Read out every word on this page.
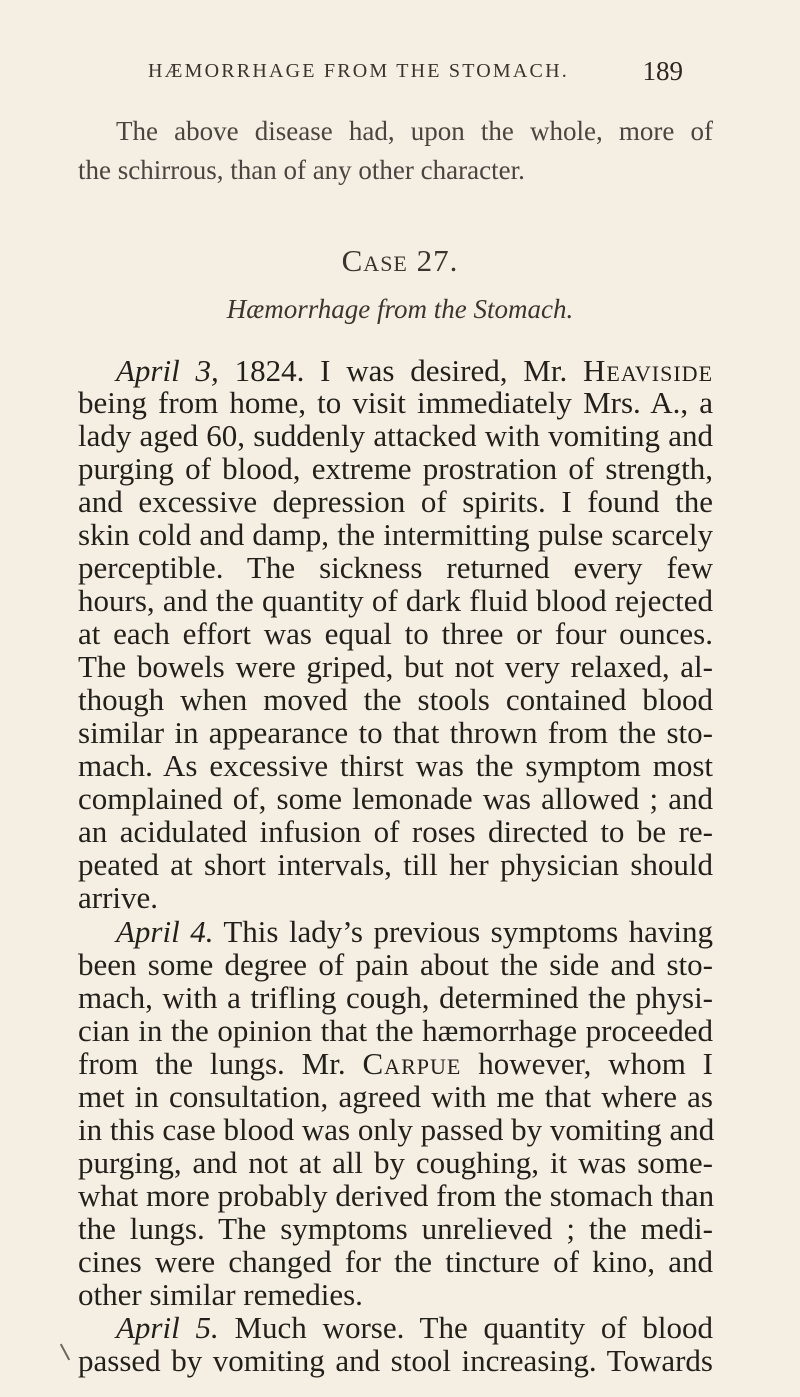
HÆMORRHAGE FROM THE STOMACH.	189
The above disease had, upon the whole, more of
the schirrous, than of any other character.
Case 27.
Hæmorrhage from the Stomach.
April 3, 1824. I was desired, Mr. Heaviside
being from home, to visit immediately Mrs. A., a
lady aged 60, suddenly attacked with vomiting and
purging of blood, extreme prostration of strength,
and excessive depression of spirits. I found the
skin cold and damp, the intermitting pulse scarcely
perceptible. The sickness returned every few
hours, and the quantity of dark fluid blood rejected
at each effort was equal to three or four ounces.
The bowels were griped, but not very relaxed, al-
though when moved the stools contained blood
similar in appearance to that thrown from the sto-
mach. As excessive thirst was the symptom most
complained of, some lemonade was allowed ; and
an acidulated infusion of roses directed to be re-
peated at short intervals, till her physician should
arrive.
April 4. This lady’s previous symptoms having
been some degree of pain about the side and sto-
mach, with a trifling cough, determined the physi-
cian in the opinion that the hæmorrhage proceeded
from the lungs. Mr. Carpue however, whom I
met in consultation, agreed with me that where as
in this case blood was only passed by vomiting and
purging, and not at all by coughing, it was some-
what more probably derived from the stomach than
the lungs. The symptoms unrelieved ; the medi-
cines were changed for the tincture of kino, and
other similar remedies.
April 5. Much worse. The quantity of blood
passed by vomiting and stool increasing. Towards
